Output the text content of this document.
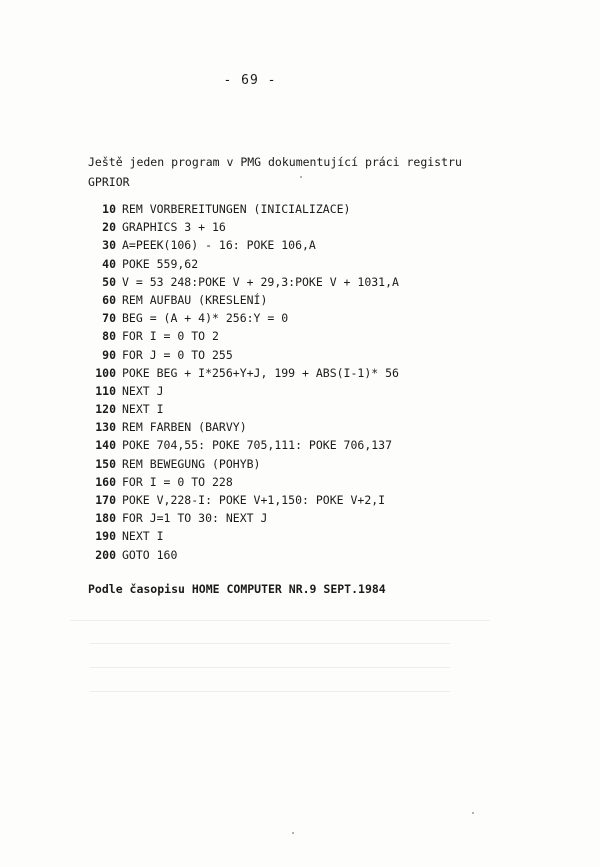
- 69 -
Ještě jeden program v PMG dokumentující práci registru
GPRIOR
10 REM VORBEREITUNGEN (INICIALIZACE)
20 GRAPHICS 3 + 16
30 A=PEEK(106) - 16: POKE 106,A
40 POKE 559,62
50 V = 53 248:POKE V + 29,3:POKE V + 1031,A
60 REM AUFBAU (KRESLENÍ)
70 BEG = (A + 4)* 256:Y = 0
80 FOR I = 0 TO 2
90 FOR J = 0 TO 255
100 POKE BEG + I*256+Y+J, 199 + ABS(I-1)* 56
110 NEXT J
120 NEXT I
130 REM FARBEN (BARVY)
140 POKE 704,55: POKE 705,111: POKE 706,137
150 REM BEWEGUNG (POHYB)
160 FOR I = 0 TO 228
170 POKE V,228-I: POKE V+1,150: POKE V+2,I
180 FOR J=1 TO 30: NEXT J
190 NEXT I
200 GOTO 160
Podle časopisu HOME COMPUTER NR.9 SEPT.1984
